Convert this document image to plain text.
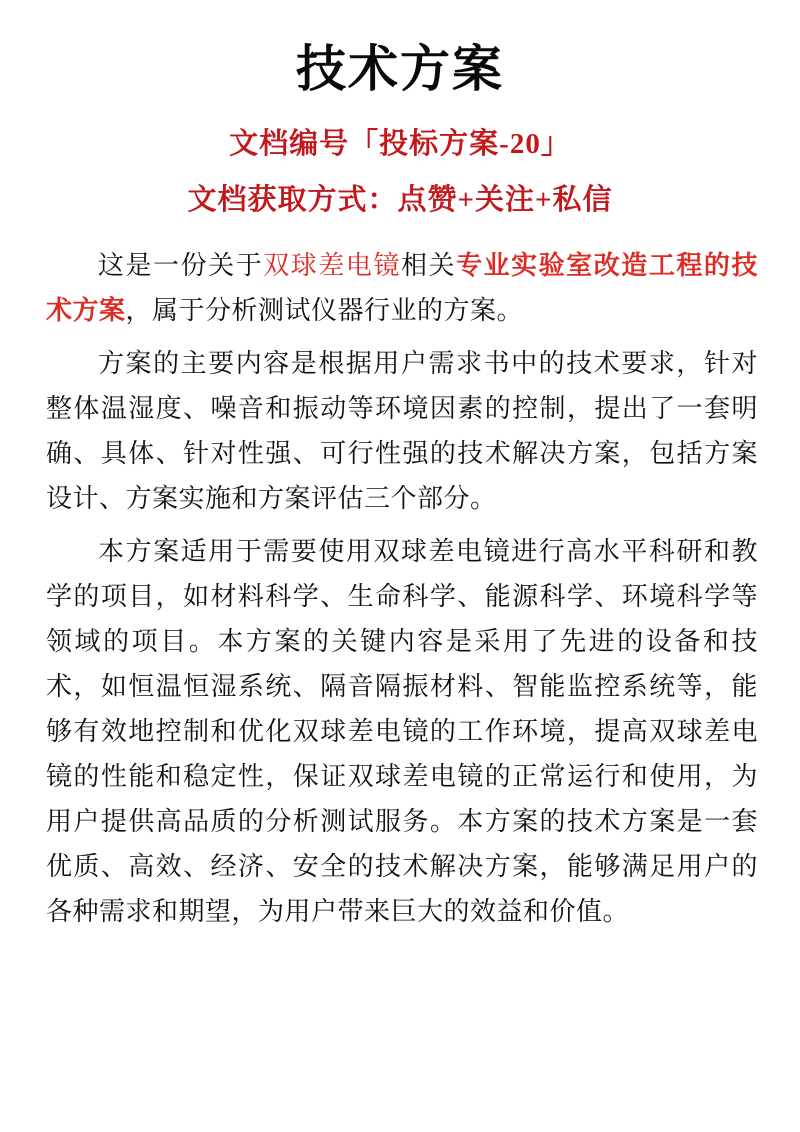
技术方案
文档编号「投标方案-20」
文档获取方式：点赞+关注+私信

这是一份关于双球差电镜相关专业实验室改造工程的技术方案，属于分析测试仪器行业的方案。

方案的主要内容是根据用户需求书中的技术要求，针对整体温湿度、噪音和振动等环境因素的控制，提出了一套明确、具体、针对性强、可行性强的技术解决方案，包括方案设计、方案实施和方案评估三个部分。

本方案适用于需要使用双球差电镜进行高水平科研和教学的项目，如材料科学、生命科学、能源科学、环境科学等领域的项目。本方案的关键内容是采用了先进的设备和技术，如恒温恒湿系统、隔音隔振材料、智能监控系统等，能够有效地控制和优化双球差电镜的工作环境，提高双球差电镜的性能和稳定性，保证双球差电镜的正常运行和使用，为用户提供高品质的分析测试服务。本方案的技术方案是一套优质、高效、经济、安全的技术解决方案，能够满足用户的各种需求和期望，为用户带来巨大的效益和价值。
